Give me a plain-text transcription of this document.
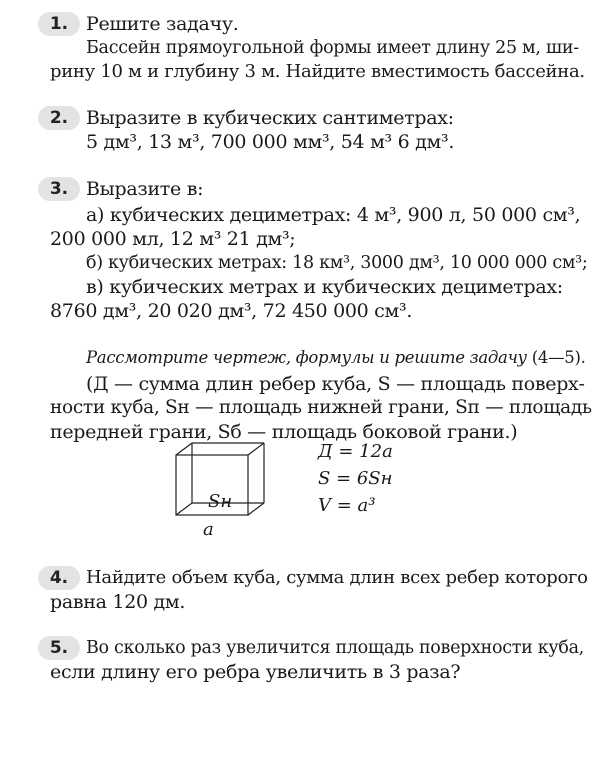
1. Решите задачу.
Бассейн прямоугольной формы имеет длину 25 м, ши-
рину 10 м и глубину 3 м. Найдите вместимость бассейна.
2. Выразите в кубических сантиметрах:
5 дм³, 13 м³, 700 000 мм³, 54 м³ 6 дм³.
3. Выразите в:
а) кубических дециметрах: 4 м³, 900 л, 50 000 см³,
200 000 мл, 12 м³ 21 дм³;
б) кубических метрах: 18 км³, 3000 дм³, 10 000 000 см³;
в) кубических метрах и кубических дециметрах:
8760 дм³, 20 020 дм³, 72 450 000 см³.
Рассмотрите чертеж, формулы и решите задачу (4—5).
(Д — сумма длин ребер куба, S — площадь поверх-
ности куба, Sн — площадь нижней грани, Sп — площадь
передней грани, Sб — площадь боковой грани.)
Sн
a
Д = 12a
S = 6Sн
V = a³
4. Найдите объем куба, сумма длин всех ребер которого
равна 120 дм.
5.	Во сколько раз увеличится площадь поверхности куба,
если длину его ребра увеличить в 3 раза?
